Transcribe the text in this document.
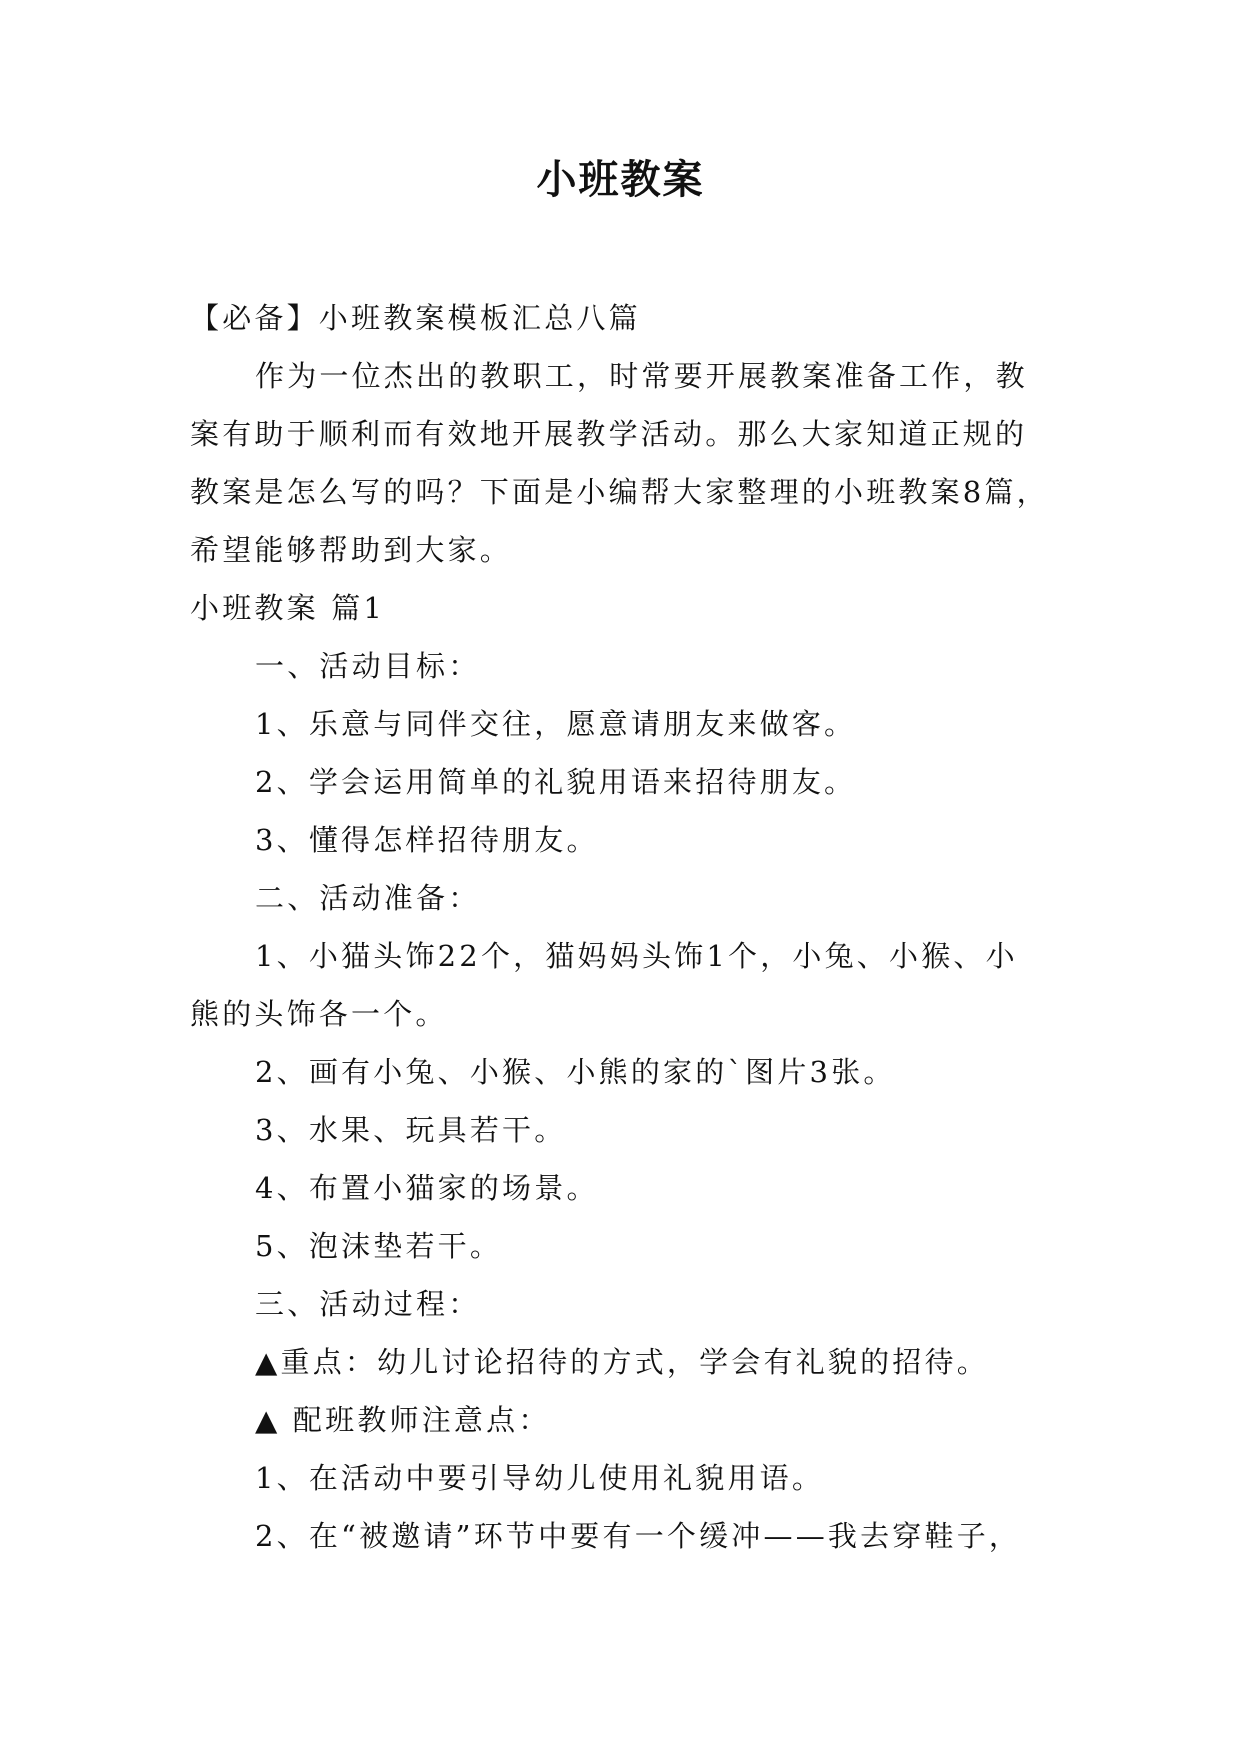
小班教案
【必备】小班教案模板汇总八篇
作为一位杰出的教职工，时常要开展教案准备工作，教
案有助于顺利而有效地开展教学活动。那么大家知道正规的
教案是怎么写的吗？下面是小编帮大家整理的小班教案8篇，
希望能够帮助到大家。
小班教案 篇1
一、活动目标：
1、乐意与同伴交往，愿意请朋友来做客。
2、学会运用简单的礼貌用语来招待朋友。
3、懂得怎样招待朋友。
二、活动准备：
1、小猫头饰22个，猫妈妈头饰1个，小兔、小猴、小
熊的头饰各一个。
2、画有小兔、小猴、小熊的家的`图片3张。
3、水果、玩具若干。
4、布置小猫家的场景。
5、泡沫垫若干。
三、活动过程：
▲重点：幼儿讨论招待的方式，学会有礼貌的招待。
▲ 配班教师注意点：
1、在活动中要引导幼儿使用礼貌用语。
2、在“被邀请”环节中要有一个缓冲——我去穿鞋子，
